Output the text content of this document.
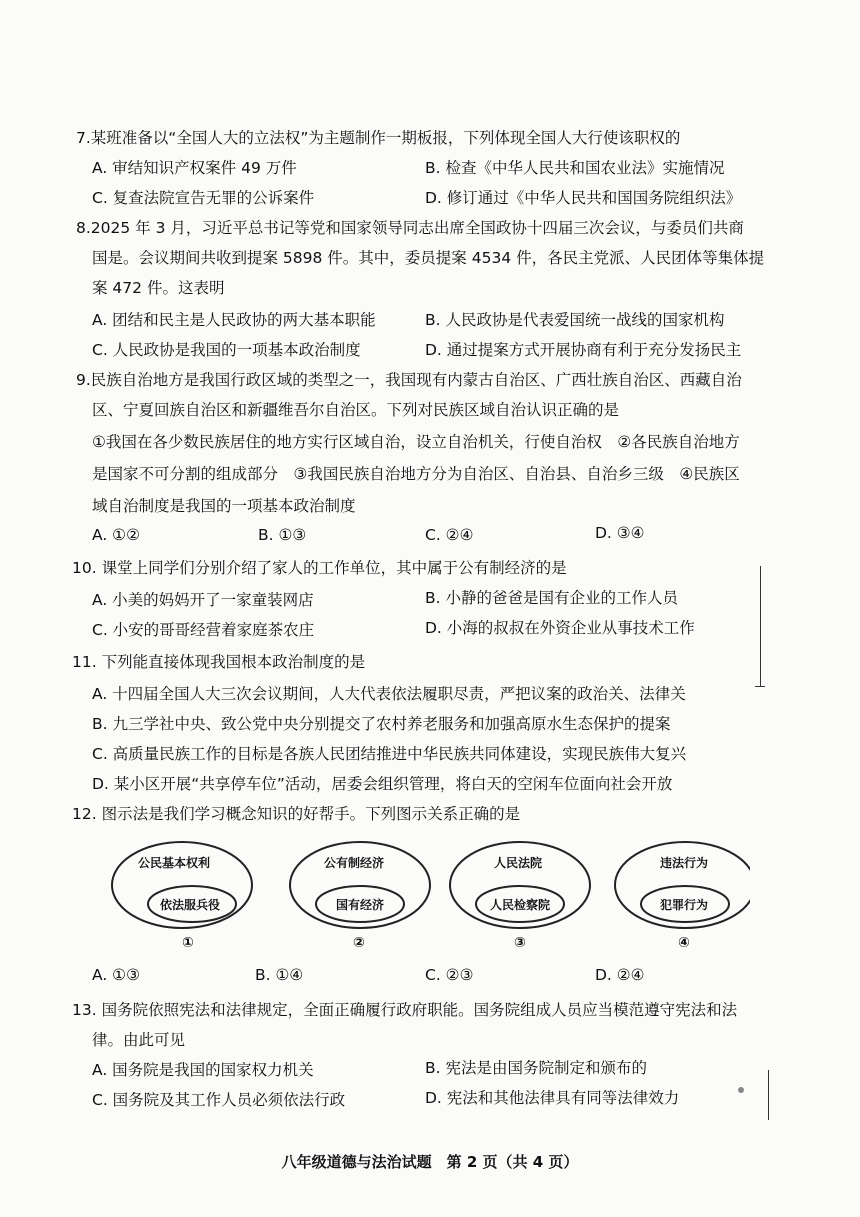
7.某班准备以“全国人大的立法权”为主题制作一期板报，下列体现全国人大行使该职权的
A. 审结知识产权案件 49 万件	B. 检查《中华人民共和国农业法》实施情况
C. 复查法院宣告无罪的公诉案件	D. 修订通过《中华人民共和国国务院组织法》
8.2025 年 3 月，习近平总书记等党和国家领导同志出席全国政协十四届三次会议，与委员们共商
国是。会议期间共收到提案 5898 件。其中，委员提案 4534 件，各民主党派、人民团体等集体提
案 472 件。这表明
A. 团结和民主是人民政协的两大基本职能	B. 人民政协是代表爱国统一战线的国家机构
C. 人民政协是我国的一项基本政治制度	D. 通过提案方式开展协商有利于充分发扬民主
9.民族自治地方是我国行政区域的类型之一，我国现有内蒙古自治区、广西壮族自治区、西藏自治
区、宁夏回族自治区和新疆维吾尔自治区。下列对民族区域自治认识正确的是
①我国在各少数民族居住的地方实行区域自治，设立自治机关，行使自治权　②各民族自治地方
是国家不可分割的组成部分　③我国民族自治地方分为自治区、自治县、自治乡三级　④民族区
域自治制度是我国的一项基本政治制度
A. ①②	B. ①③	C. ②④	D. ③④
10. 课堂上同学们分别介绍了家人的工作单位，其中属于公有制经济的是
A. 小美的妈妈开了一家童装网店	B. 小静的爸爸是国有企业的工作人员
C. 小安的哥哥经营着家庭茶农庄	D. 小海的叔叔在外资企业从事技术工作
11. 下列能直接体现我国根本政治制度的是
A. 十四届全国人大三次会议期间，人大代表依法履职尽责，严把议案的政治关、法律关
B. 九三学社中央、致公党中央分别提交了农村养老服务和加强高原水生态保护的提案
C. 高质量民族工作的目标是各族人民团结推进中华民族共同体建设，实现民族伟大复兴
D. 某小区开展“共享停车位”活动，居委会组织管理，将白天的空闲车位面向社会开放
12. 图示法是我们学习概念知识的好帮手。下列图示关系正确的是
公民基本权利
依法服兵役
①
公有制经济
国有经济
②
人民法院
人民检察院
③
违法行为
犯罪行为
④
A. ①③	B. ①④	C. ②③	D. ②④
13. 国务院依照宪法和法律规定，全面正确履行政府职能。国务院组成人员应当模范遵守宪法和法
律。由此可见
A. 国务院是我国的国家权力机关	B. 宪法是由国务院制定和颁布的
C. 国务院及其工作人员必须依法行政	D. 宪法和其他法律具有同等法律效力
八年级道德与法治试题　第 2 页（共 4 页）
